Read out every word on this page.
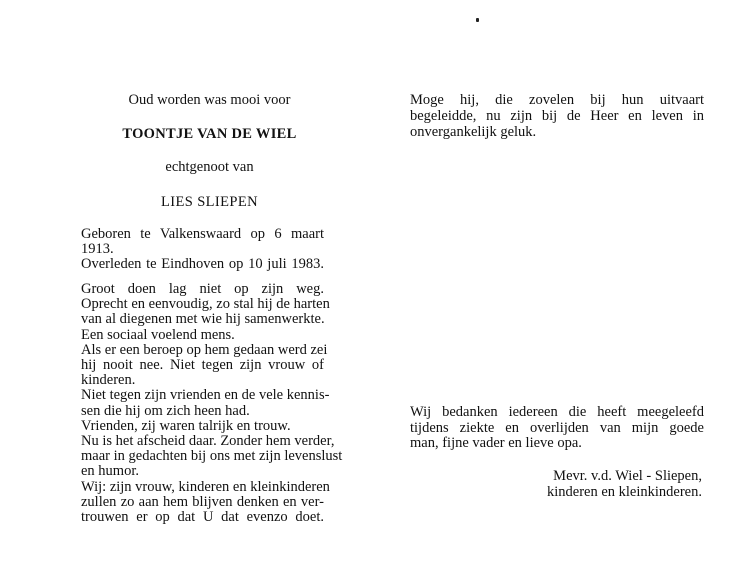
Oud worden was mooi voor

TOONTJE VAN DE WIEL

echtgenoot van

LIES SLIEPEN

Geboren te Valkenswaard op 6 maart 1913.

Overleden te Eindhoven op 10 juli 1983.

Groot doen lag niet op zijn weg.
Oprecht en eenvoudig, zo stal hij de harten
van al diegenen met wie hij samenwerkte.
Een sociaal voelend mens.
Als er een beroep op hem gedaan werd zei
hij nooit nee. Niet tegen zijn vrouw of
kinderen.
Niet tegen zijn vrienden en de vele kennis-
sen die hij om zich heen had.
Vrienden, zij waren talrijk en trouw.
Nu is het afscheid daar. Zonder hem verder,
maar in gedachten bij ons met zijn levenslust
en humor.
Wij: zijn vrouw, kinderen en kleinkinderen
zullen zo aan hem blijven denken en ver-
trouwen er op dat U dat evenzo doet.
Moge hij, die zovelen bij hun uitvaart
begeleidde, nu zijn bij de Heer en leven in
onvergankelijk geluk.
Wij bedanken iedereen die heeft meegeleefd
tijdens ziekte en overlijden van mijn goede
man, fijne vader en lieve opa.

Mevr. v.d. Wiel - Sliepen,

kinderen en kleinkinderen.
